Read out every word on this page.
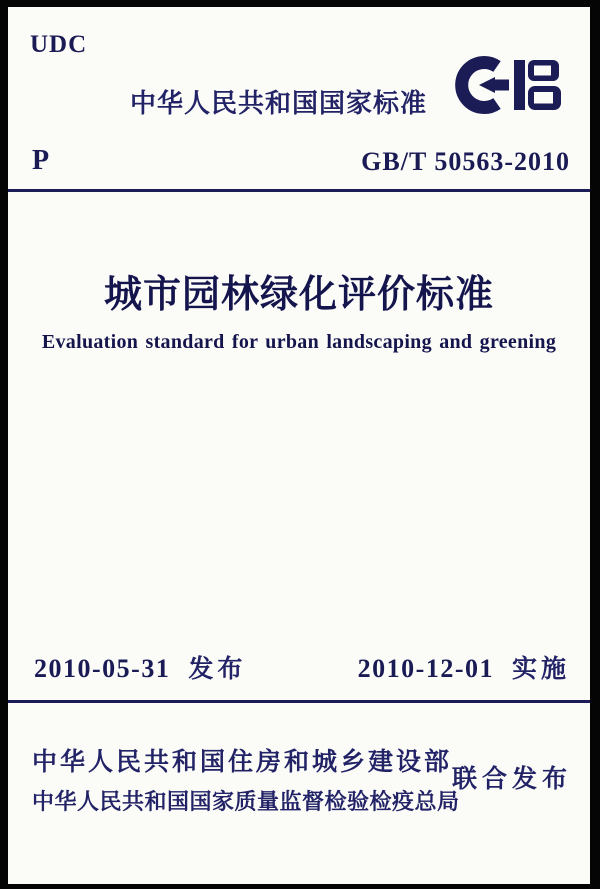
UDC
中华人民共和国国家标准
P	GB/T 50563-2010
城市园林绿化评价标准
Evaluation standard for urban landscaping and greening
2010-05-31 发布	2010-12-01 实施
中华人民共和国住房和城乡建设部
中华人民共和国国家质量监督检验检疫总局
联合发布
